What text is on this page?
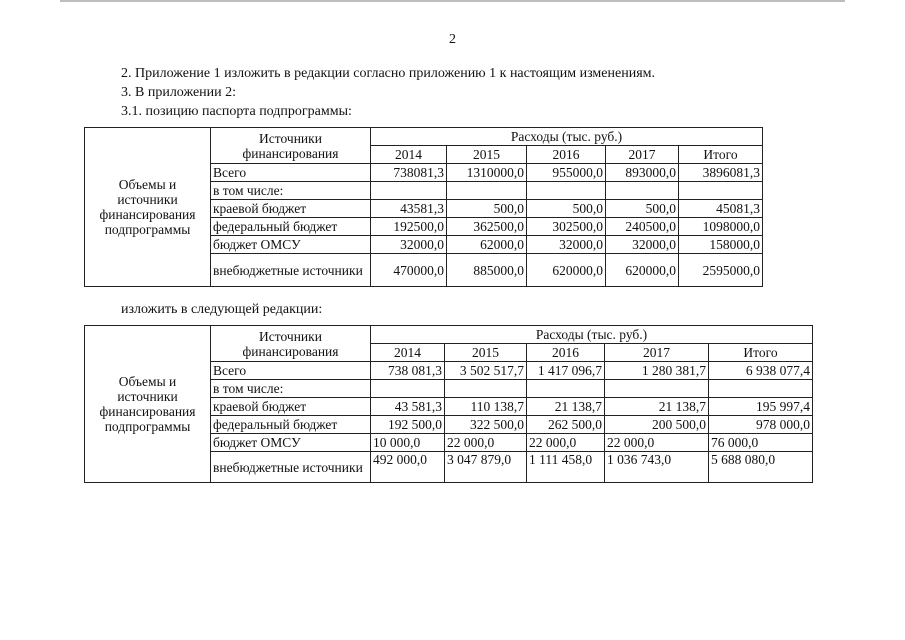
2
2. Приложение 1 изложить в редакции согласно приложению 1 к настоящим изменениям.
3. В приложении 2:
3.1. позицию паспорта подпрограммы:
Объемы и источники финансирования подпрограммы	Источники финансирования	Расходы (тыс. руб.)				
		2014	2015	2016	2017	Итого
	Всего	738081,3	1310000,0	955000,0	893000,0	3896081,3
	в том числе:					
	краевой бюджет	43581,3	500,0	500,0	500,0	45081,3
	федеральный бюджет	192500,0	362500,0	302500,0	240500,0	1098000,0
	бюджет ОМСУ	32000,0	62000,0	32000,0	32000,0	158000,0
	внебюджетные источники	470000,0	885000,0	620000,0	620000,0	2595000,0
изложить в следующей редакции:
Объемы и источники финансирования подпрограммы	Источники финансирования	Расходы (тыс. руб.)				
		2014	2015	2016	2017	Итого
	Всего	738 081,3	3 502 517,7	1 417 096,7	1 280 381,7	6 938 077,4
	в том числе:					
	краевой бюджет	43 581,3	110 138,7	21 138,7	21 138,7	195 997,4
	федеральный бюджет	192 500,0	322 500,0	262 500,0	200 500,0	978 000,0
	бюджет ОМСУ	10 000,0	22 000,0	22 000,0	22 000,0	76 000,0
	внебюджетные источники	492 000,0	3 047 879,0	1 111 458,0	1 036 743,0	5 688 080,0
